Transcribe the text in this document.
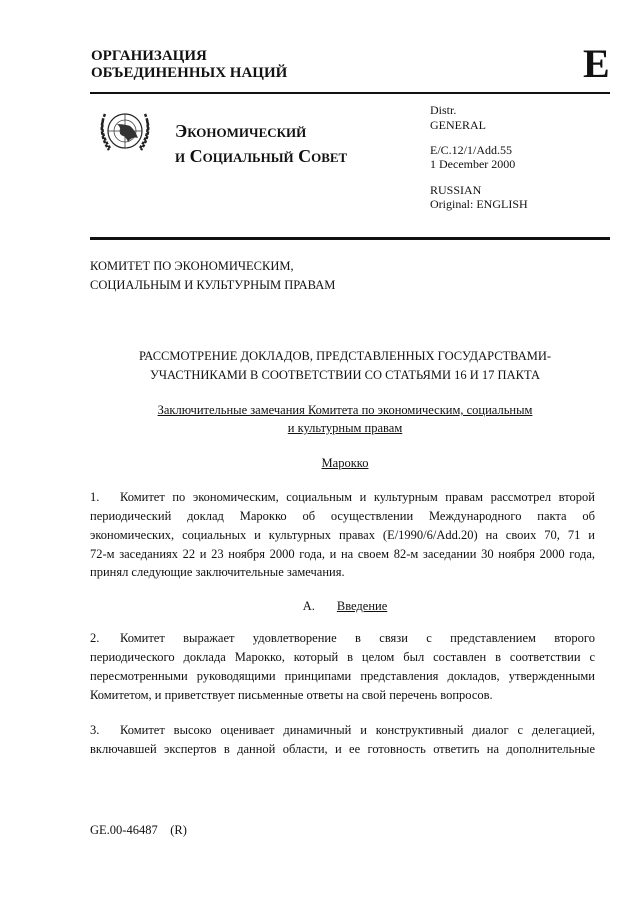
ОРГАНИЗАЦИЯ
ОБЪЕДИНЕННЫХ НАЦИЙ	E
Экономический
и Социальный Совет
Distr.
GENERAL
E/C.12/1/Add.55
1 December 2000
RUSSIAN
Original: ENGLISH
КОМИТЕТ ПО ЭКОНОМИЧЕСКИМ,
СОЦИАЛЬНЫМ И КУЛЬТУРНЫМ ПРАВАМ
РАССМОТРЕНИЕ ДОКЛАДОВ, ПРЕДСТАВЛЕННЫХ ГОСУДАРСТВАМИ-
УЧАСТНИКАМИ В СООТВЕТСТВИИ СО СТАТЬЯМИ 16 И 17 ПАКТА
Заключительные замечания Комитета по экономическим, социальным
и культурным правам
Марокко
1. Комитет по экономическим, социальным и культурным правам рассмотрел второй
периодический доклад Марокко об осуществлении Международного пакта об
экономических, социальных и культурных правах (E/1990/6/Add.20) на своих 70, 71 и
72-м заседаниях 22 и 23 ноября 2000 года, и на своем 82-м заседании 30 ноября 2000 года,
принял следующие заключительные замечания.
A. Введение
2. Комитет выражает удовлетворение в связи с представлением второго
периодического доклада Марокко, который в целом был составлен в соответствии с
пересмотренными руководящими принципами представления докладов, утвержденными
Комитетом, и приветствует письменные ответы на свой перечень вопросов.
3. Комитет высоко оценивает динамичный и конструктивный диалог с делегацией,
включавшей экспертов в данной области, и ее готовность ответить на дополнительные
GE.00-46487    (R)
